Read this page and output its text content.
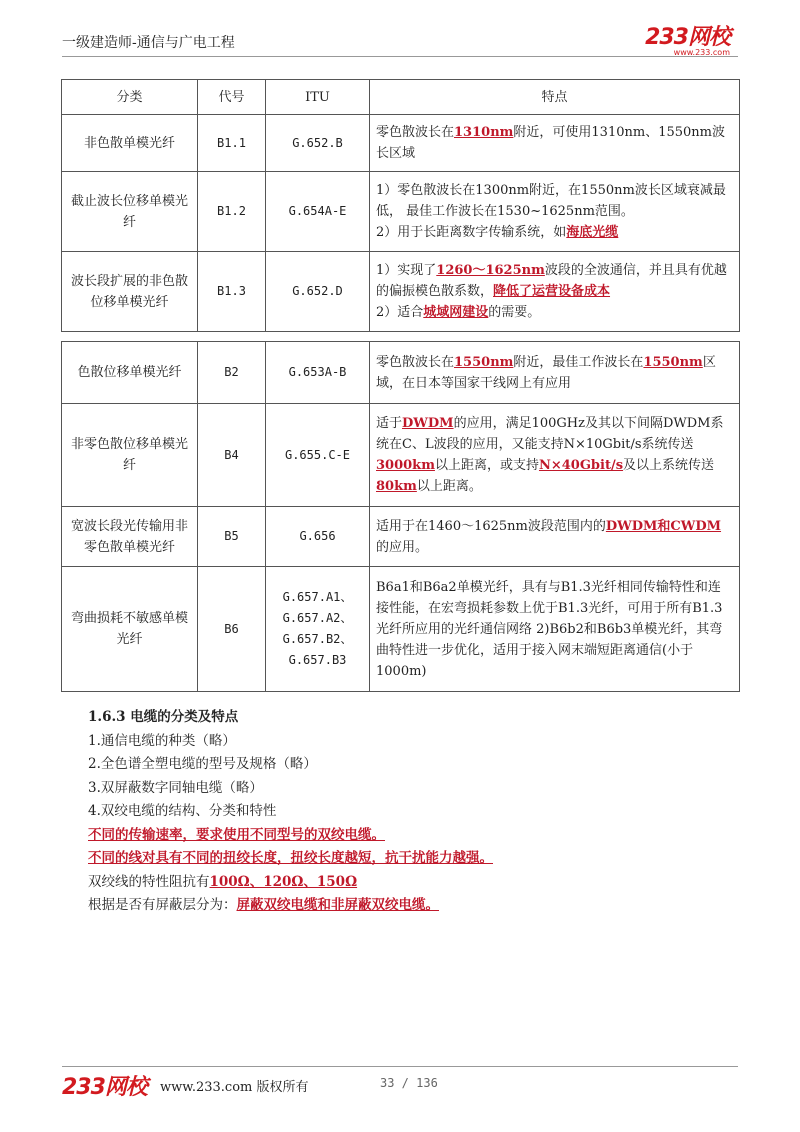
一级建造师-通信与广电工程	233网校
www.233.com
分类	代号	ITU	特点
非色散单模光纤	B1.1	G.652.B	零色散波长在1310nm附近，可使用1310nm、1550nm波长区域
截止波长位移单模光纤	B1.2	G.654A-E	1）零色散波长在1300nm附近，在1550nm波长区域衰减最低， 最佳工作波长在1530~1625nm范围。
2）用于长距离数字传输系统，如海底光缆
波长段扩展的非色散位移单模光纤	B1.3	G.652.D	1）实现了1260～1625nm波段的全波通信，并且具有优越的偏振模色散系数，降低了运营设备成本
2）适合城域网建设的需要。
色散位移单模光纤	B2	G.653A-B	零色散波长在1550nm附近，最佳工作波长在1550nm区域，在日本等国家干线网上有应用
非零色散位移单模光纤	B4	G.655.C-E	适于DWDM的应用，满足100GHz及其以下间隔DWDM系统在C、L波段的应用，又能支持N×10Gbit/s系统传送3000km以上距离，或支持N×40Gbit/s及以上系统传送80km以上距离。
宽波长段光传输用非零色散单模光纤	B5	G.656	适用于在1460～1625nm波段范围内的DWDM和CWDM的应用。
弯曲损耗不敏感单模光纤	B6	G.657.A1、
G.657.A2、
G.657.B2、
G.657.B3	B6a1和B6a2单模光纤，具有与B1.3光纤相同传输特性和连接性能，在宏弯损耗参数上优于B1.3光纤，可用于所有B1.3光纤所应用的光纤通信网络 2)B6b2和B6b3单模光纤，其弯曲特性进一步优化，适用于接入网末端短距离通信(小于1000m)
1.6.3 电缆的分类及特点
1.通信电缆的种类（略）
2.全色谱全塑电缆的型号及规格（略）
3.双屏蔽数字同轴电缆（略）
4.双绞电缆的结构、分类和特性
不同的传输速率，要求使用不同型号的双绞电缆。
不同的线对具有不同的扭绞长度，扭绞长度越短，抗干扰能力越强。
双绞线的特性阻抗有100Ω、120Ω、150Ω
根据是否有屏蔽层分为：屏蔽双绞电缆和非屏蔽双绞电缆。
233网校 www.233.com 版权所有	33 / 136
